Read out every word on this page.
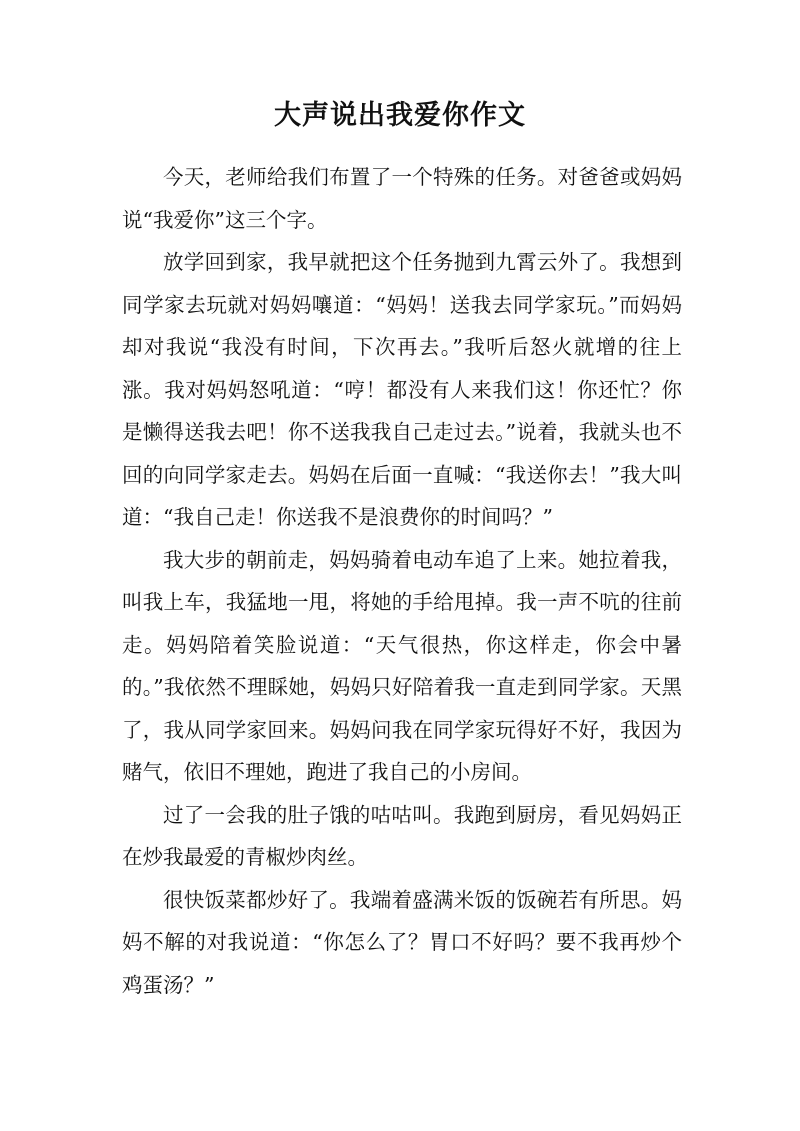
大声说出我爱你作文

今天，老师给我们布置了一个特殊的任务。对爸爸或妈妈说“我爱你”这三个字。

放学回到家，我早就把这个任务抛到九霄云外了。我想到同学家去玩就对妈妈嚷道：“妈妈！送我去同学家玩。”而妈妈却对我说“我没有时间，下次再去。”我听后怒火就增的往上涨。我对妈妈怒吼道：“哼！都没有人来我们这！你还忙？你是懒得送我去吧！你不送我我自己走过去。”说着，我就头也不回的向同学家走去。妈妈在后面一直喊：“我送你去！”我大叫道：“我自己走！你送我不是浪费你的时间吗？”

我大步的朝前走，妈妈骑着电动车追了上来。她拉着我，叫我上车，我猛地一甩，将她的手给甩掉。我一声不吭的往前走。妈妈陪着笑脸说道：“天气很热，你这样走，你会中暑的。”我依然不理睬她，妈妈只好陪着我一直走到同学家。天黑了，我从同学家回来。妈妈问我在同学家玩得好不好，我因为赌气，依旧不理她，跑进了我自己的小房间。

过了一会我的肚子饿的咕咕叫。我跑到厨房，看见妈妈正在炒我最爱的青椒炒肉丝。

很快饭菜都炒好了。我端着盛满米饭的饭碗若有所思。妈妈不解的对我说道：“你怎么了？胃口不好吗？要不我再炒个鸡蛋汤？”
